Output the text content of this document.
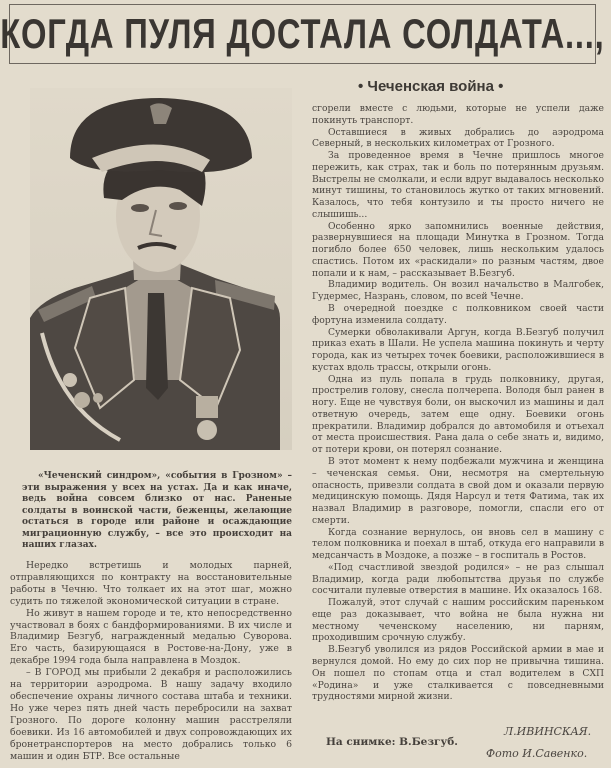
КОГДА ПУЛЯ ДОСТАЛА СОЛДАТА...,
• Чеченская война •

«Чеченский синдром», «события в Грозном» – эти выражения у всех на устах. Да и как иначе, ведь война совсем близко от нас. Раненые солдаты в воинской части, беженцы, желающие остаться в городе или районе и осаждающие миграционную службу, – все это происходит на наших глазах.

Нередко встретишь и молодых парней, отправляющихся по контракту на восстановительные работы в Чечню. Что толкает их на этот шаг, можно судить по тяжелой экономической ситуации в стране.

Но живут в нашем городе и те, кто непосредственно участвовал в боях с бандформированиями. В их числе и Владимир Безгуб, награжденный медалью Суворова. Его часть, базирующаяся в Ростове-на-Дону, уже в декабре 1994 года была направлена в Моздок.

– В ГОРОД мы прибыли 2 декабря и расположились на территории аэродрома. В нашу задачу входило обеспечение охраны личного состава штаба и техники. Но уже через пять дней часть перебросили на захват Грозного. По дороге колонну машин расстреляли боевики. Из 16 автомобилей и двух сопровождающих их бронетранспортеров на место добрались только 6 машин и один БТР. Все остальные

сгорели вместе с людьми, которые не успели даже покинуть транспорт.

Оставшиеся в живых добрались до аэродрома Северный, в нескольких километрах от Грозного.

За проведенное время в Чечне пришлось многое пережить, как страх, так и боль по потерянным друзьям. Выстрелы не смолкали, и если вдруг выдавалось несколько минут тишины, то становилось жутко от таких мгновений. Казалось, что тебя контузило и ты просто ничего не слышишь...

Особенно ярко запомнились военные действия, развернувшиеся на площади Минутка в Грозном. Тогда погибло более 650 человек, лишь нескольким удалось спастись. Потом их «раскидали» по разным частям, двое попали и к нам, – рассказывает В.Безгуб.

Владимир водитель. Он возил начальство в Малгобек, Гудермес, Назрань, словом, по всей Чечне.

В очередной поездке с полковником своей части фортуна изменила солдату.

Сумерки обволакивали Аргун, когда В.Безгуб получил приказ ехать в Шали. Не успела машина покинуть и черту города, как из четырех точек боевики, расположившиеся в кустах вдоль трассы, открыли огонь.

Одна из пуль попала в грудь полковнику, другая, прострелив голову, снесла полчерепа. Володя был ранен в ногу. Еще не чувствуя боли, он выскочил из машины и дал ответную очередь, затем еще одну. Боевики огонь прекратили. Владимир добрался до автомобиля и отъехал от места происшествия. Рана дала о себе знать и, видимо, от потери крови, он потерял сознание.

В этот момент к нему подбежали мужчина и женщина – чеченская семья. Они, несмотря на смертельную опасность, привезли солдата в свой дом и оказали первую медицинскую помощь. Дядя Нарсул и тетя Фатима, так их назвал Владимир в разговоре, помогли, спасли его от смерти.

Когда сознание вернулось, он вновь сел в машину с телом полковника и поехал в штаб, откуда его направили в медсанчасть в Моздоке, а позже – в госпиталь в Ростов.

«Под счастливой звездой родился» – не раз слышал Владимир, когда ради любопытства друзья по службе сосчитали пулевые отверстия в машине. Их оказалось 168.

Пожалуй, этот случай с нашим российским пареньком еще раз доказывает, что война не была нужна ни местному чеченскому населению, ни парням, проходившим срочную службу.

В.Безгуб уволился из рядов Российской армии в мае и вернулся домой. Но ему до сих пор не привычна тишина. Он пошел по стопам отца и стал водителем в СХП «Родина» и уже сталкивается с повседневными трудностями мирной жизни.

Л.ИВИНСКАЯ.
На снимке: В.Безгуб.
Фото И.Савенко.
